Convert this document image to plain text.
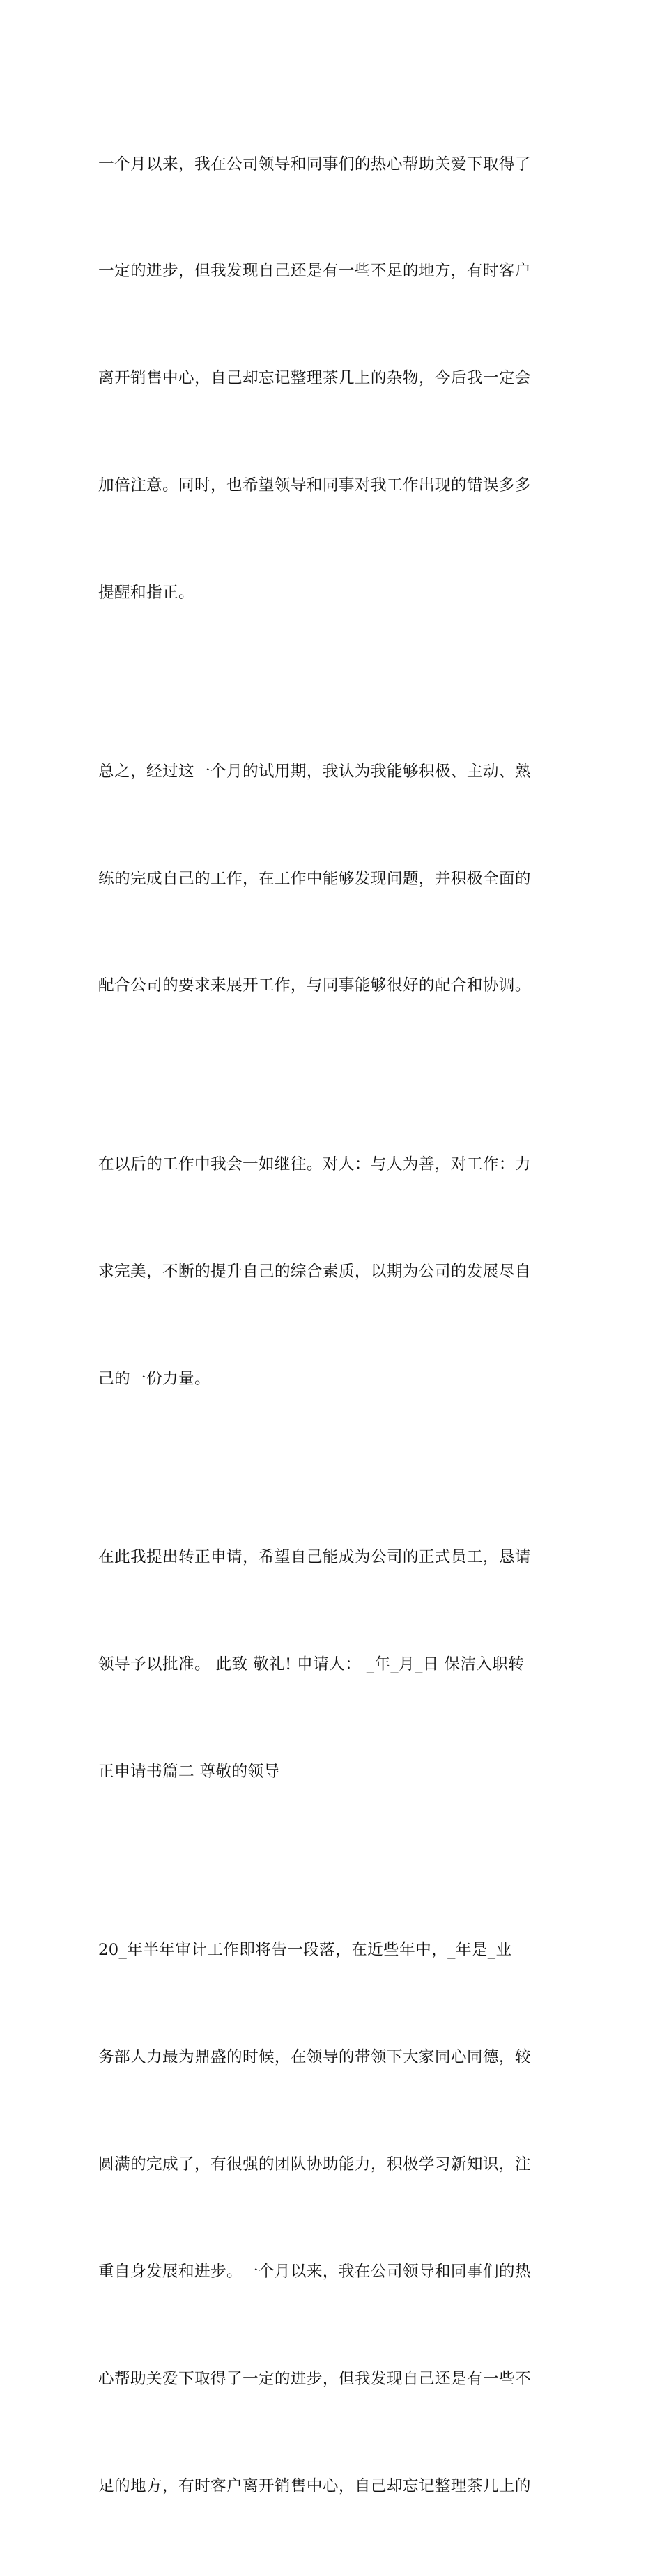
一个月以来，我在公司领导和同事们的热心帮助关爱下取得了

一定的进步，但我发现自己还是有一些不足的地方，有时客户

离开销售中心，自己却忘记整理茶几上的杂物，今后我一定会

加倍注意。同时，也希望领导和同事对我工作出现的错误多多

提醒和指正。

总之，经过这一个月的试用期，我认为我能够积极、主动、熟

练的完成自己的工作，在工作中能够发现问题，并积极全面的

配合公司的要求来展开工作，与同事能够很好的配合和协调。

在以后的工作中我会一如继往。对人：与人为善，对工作：力

求完美，不断的提升自己的综合素质，以期为公司的发展尽自

己的一份力量。

在此我提出转正申请，希望自己能成为公司的正式员工，恳请

领导予以批准。 此致 敬礼! 申请人： _年_月_日 保洁入职转

正申请书篇二 尊敬的领导

20_年半年审计工作即将告一段落，在近些年中，_年是_业

务部人力最为鼎盛的时候，在领导的带领下大家同心同德，较

圆满的完成了，有很强的团队协助能力，积极学习新知识，注

重自身发展和进步。一个月以来，我在公司领导和同事们的热

心帮助关爱下取得了一定的进步，但我发现自己还是有一些不

足的地方，有时客户离开销售中心，自己却忘记整理茶几上的
